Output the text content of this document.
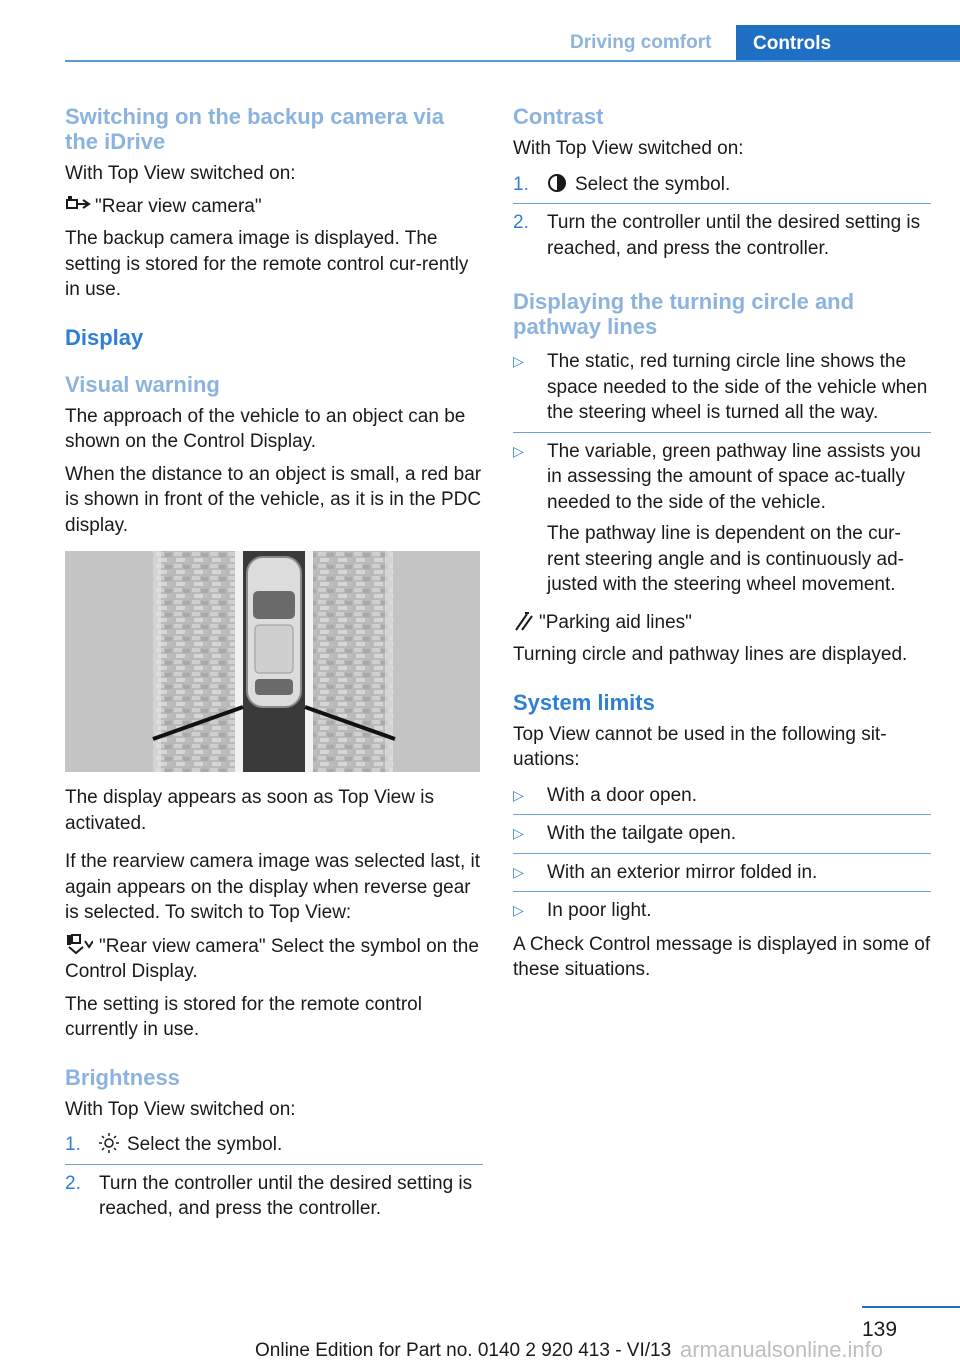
Driving comfort	Controls
Switching on the backup camera via the iDrive

With Top View switched on:

"Rear view camera"

The backup camera image is displayed. The setting is stored for the remote control cur-rently in use.

Display
Visual warning

The approach of the vehicle to an object can be shown on the Control Display.

When the distance to an object is small, a red bar is shown in front of the vehicle, as it is in the PDC display.

The display appears as soon as Top View is activated.

If the rearview camera image was selected last, it again appears on the display when reverse gear is selected. To switch to Top View:

"Rear view camera" Select the symbol on the Control Display.

The setting is stored for the remote control currently in use.

Brightness

With Top View switched on:

1.	Select the symbol.
2. Turn the controller until the desired setting is reached, and press the controller.
Contrast

With Top View switched on:

1.	Select the symbol.
2. Turn the controller until the desired setting is reached, and press the controller.
Displaying the turning circle and pathway lines
▷	The static, red turning circle line shows the space needed to the side of the vehicle when the steering wheel is turned all the way.
▷	The variable, green pathway line assists you in assessing the amount of space ac-tually needed to the side of the vehicle.
The pathway line is dependent on the cur-rent steering angle and is continuously ad-justed with the steering wheel movement.

"Parking aid lines"

Turning circle and pathway lines are displayed.

System limits

Top View cannot be used in the following sit-uations:

▷	With a door open.
▷	With the tailgate open.
▷	With an exterior mirror folded in.
▷	In poor light.

A Check Control message is displayed in some of these situations.

139
Online Edition for Part no. 0140 2 920 413 - VI/13 armanualsonline.info
